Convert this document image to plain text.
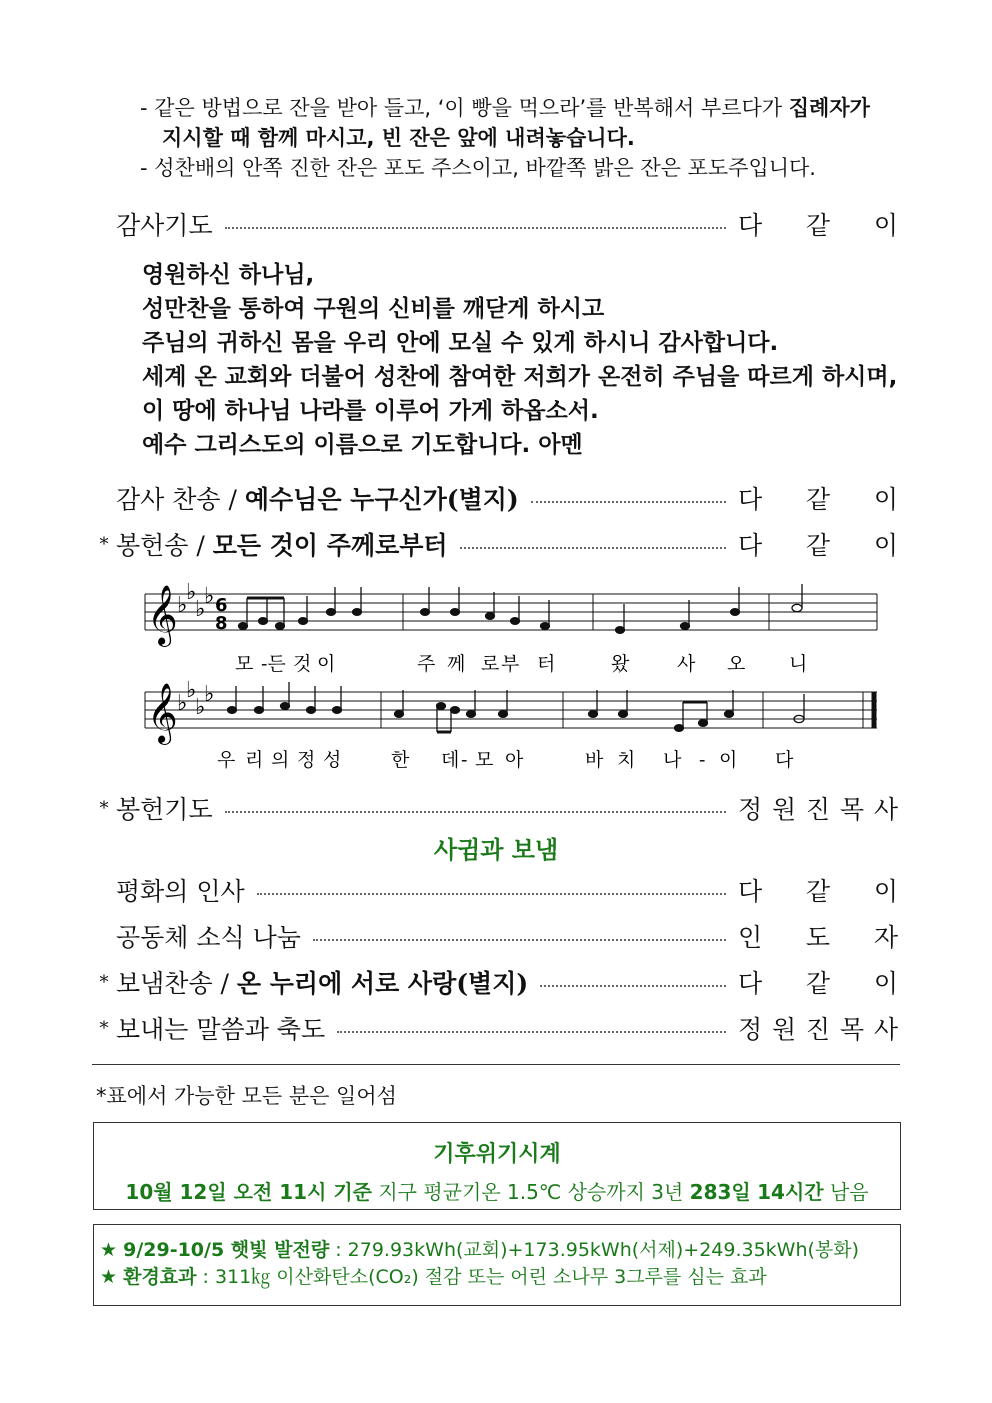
- 같은 방법으로 잔을 받아 들고, ‘이 빵을 먹으라’를 반복해서 부르다가 집례자가
지시할 때 함께 마시고, 빈 잔은 앞에 내려놓습니다.
- 성찬배의 안쪽 진한 잔은 포도 주스이고, 바깥쪽 밝은 잔은 포도주입니다.
감사기도	다 같 이
영원하신 하나님,
성만찬을 통하여 구원의 신비를 깨닫게 하시고
주님의 귀하신 몸을 우리 안에 모실 수 있게 하시니 감사합니다.
세계 온 교회와 더불어 성찬에 참여한 저희가 온전히 주님을 따르게 하시며,
이 땅에 하나님 나라를 이루어 가게 하옵소서.
예수 그리스도의 이름으로 기도합니다. 아멘
감사 찬송 / 예수님은 누구신가(별지)	다 같 이
* 봉헌송 / 모든 것이 주께로부터	다 같 이
𝄞 ♭
♭
♭
♭ 6
8
모 -든 것 이	주 께 로 부 터	왔	사 오 니
𝄞 ♭
♭
♭
♭
우 리 의 정 성	한 데 - 모 아	바 치 나 - 이 다
* 봉헌기도	정 원 진 목 사
사귐과 보냄
평화의 인사	다 같 이
공동체 소식 나눔	인 도 자
* 보냄찬송 / 온 누리에 서로 사랑(별지)	다 같 이
* 보내는 말씀과 축도	정 원 진 목 사
*표에서 가능한 모든 분은 일어섬
기후위기시계
10월 12일 오전 11시 기준 지구 평균기온 1.5℃ 상승까지 3년 283일 14시간 남음
★ 9/29-10/5 햇빛 발전량 : 279.93kWh(교회)+173.95kWh(서제)+249.35kWh(봉화)
★ 환경효과 : 311㎏ 이산화탄소(CO₂) 절감 또는 어린 소나무 3그루를 심는 효과
